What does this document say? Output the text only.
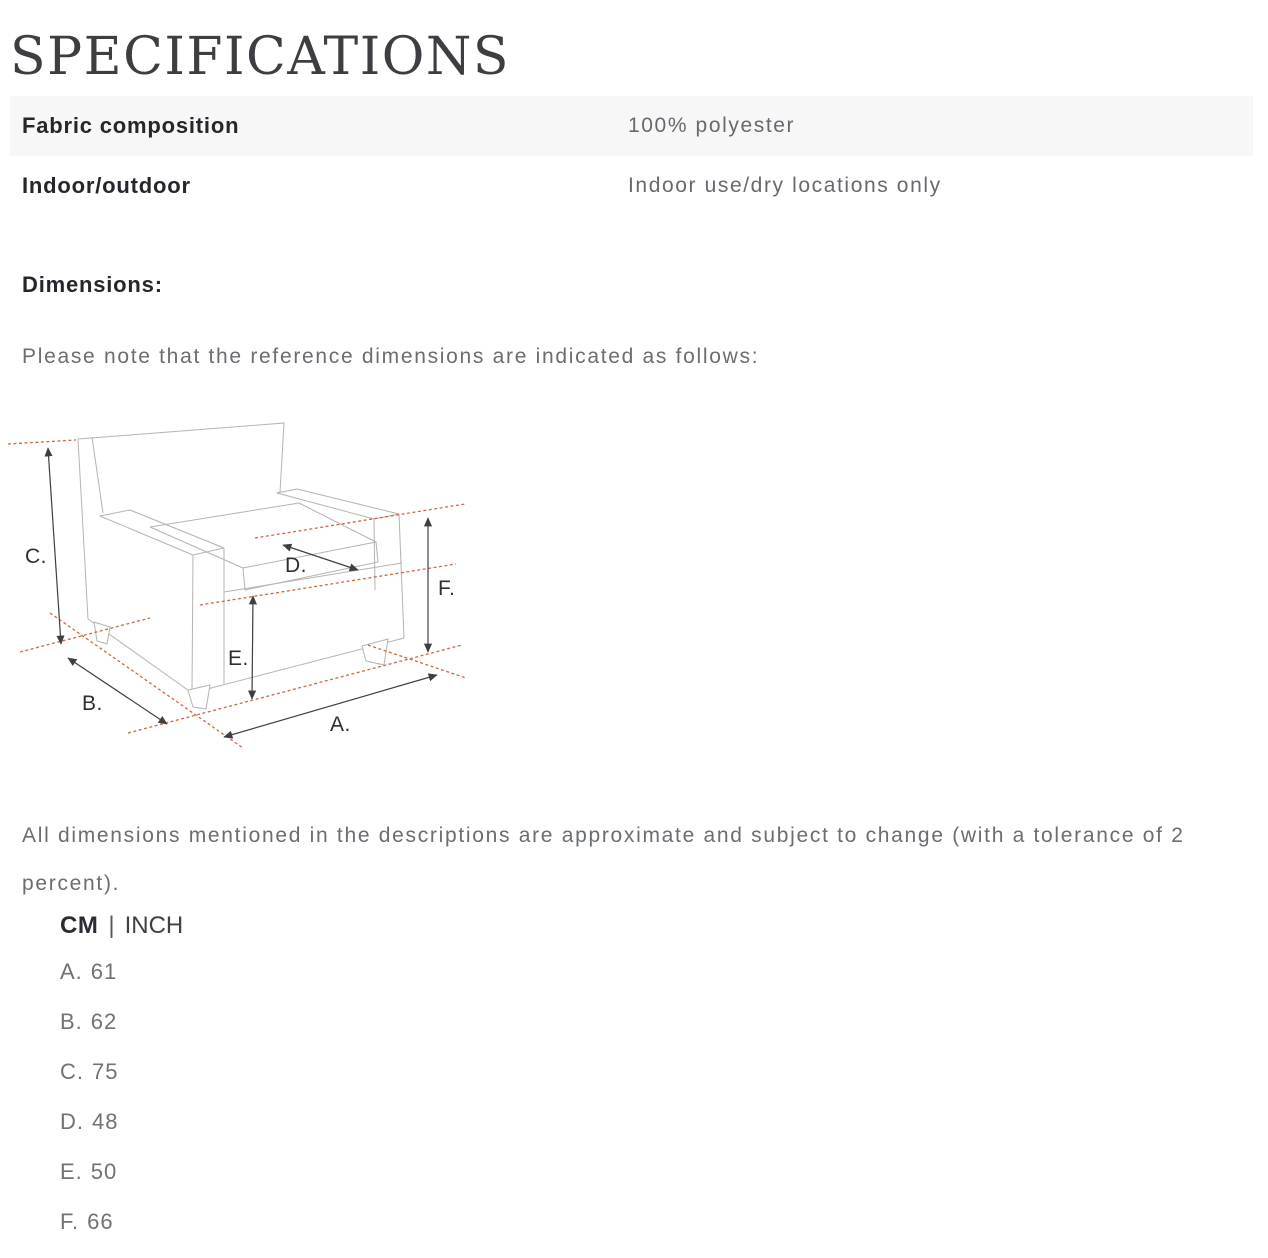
SPECIFICATIONS
Fabric composition	100% polyester
Indoor/outdoor	Indoor use/dry locations only
Dimensions:
Please note that the reference dimensions are indicated as follows:
C.
B.
A.
D.
E.
F.

All dimensions mentioned in the descriptions are approximate and subject to change (with a tolerance of 2 percent).

CM | INCH
A. 61
B. 62
C. 75
D. 48
E. 50
F. 66
